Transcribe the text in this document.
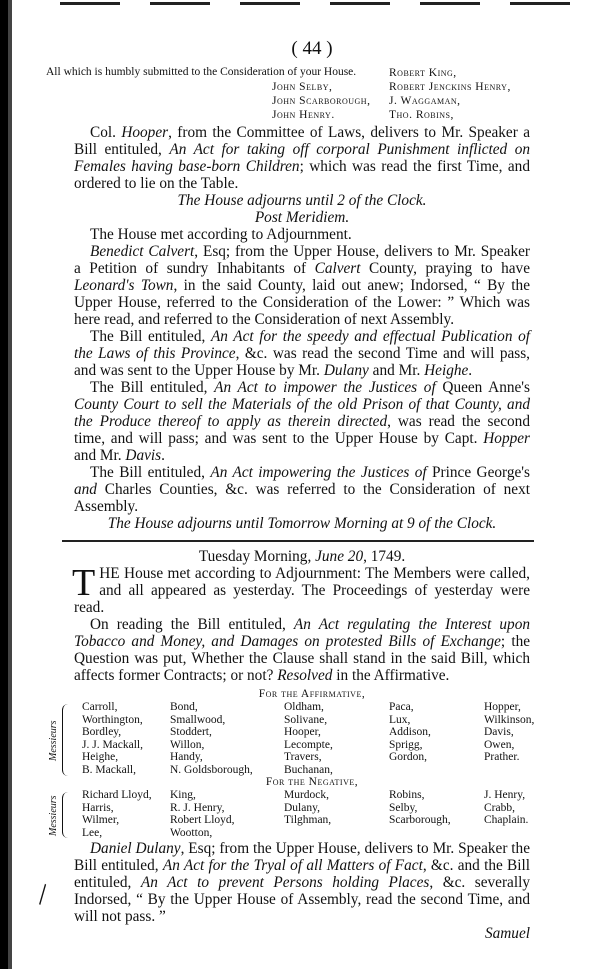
\
( 44 )
All which is humbly submitted to the Consideration of your House.
John Selby,
John Scarborough,
John Henry.
Robert King,
Robert Jenckins Henry,
J. Waggaman,
Tho. Robins,

Col. Hooper, from the Committee of Laws, delivers to Mr. Speaker a Bill entituled, An Act for taking off corporal Punishment inflicted on Females having base-born Children; which was read the first Time, and ordered to lie on the Table.

The House adjourns until 2 of the Clock.

Post Meridiem.

The House met according to Adjournment.

Benedict Calvert, Esq; from the Upper House, delivers to Mr. Speaker a Petition of sundry Inhabitants of Calvert County, praying to have Leonard's Town, in the said County, laid out anew; Indorsed, “ By the Upper House, referred to the Consideration of the Lower: ” Which was here read, and referred to the Consideration of next Assembly.

The Bill entituled, An Act for the speedy and effectual Publication of the Laws of this Province, &c. was read the second Time and will pass, and was sent to the Upper House by Mr. Dulany and Mr. Heighe.

The Bill entituled, An Act to impower the Justices of Queen Anne's County Court to sell the Materials of the old Prison of that County, and the Produce thereof to apply as therein directed, was read the second time, and will pass; and was sent to the Upper House by Capt. Hopper and Mr. Davis.

The Bill entituled, An Act impowering the Justices of Prince George's and Charles Counties, &c. was referred to the Consideration of next Assembly.

The House adjourns until Tomorrow Morning at 9 of the Clock.

Tuesday Morning, June 20, 1749.

THE House met according to Adjournment: The Members were called, and all appeared as yesterday. The Proceedings of yesterday were read.

On reading the Bill entituled, An Act regulating the Interest upon Tobacco and Money, and Damages on protested Bills of Exchange; the Question was put, Whether the Clause shall stand in the said Bill, which affects former Contracts; or not? Resolved in the Affirmative.

For the Affirmative,
For the Negative,
Carroll,
Worthington,
Bordley,
J. J. Mackall,
Heighe,
B. Mackall,
Bond,
Smallwood,
Stoddert,
Willon,
Handy,
N. Goldsborough,
Oldham,
Solivane,
Hooper,
Lecompte,
Travers,
Buchanan,
Paca,
Lux,
Addison,
Sprigg,
Gordon,
Hopper,
Wilkinson,
Davis,
Owen,
Prather.
Messieurs
Richard Lloyd,
Harris,
Wilmer,
Lee,
King,
R. J. Henry,
Robert Lloyd,
Wootton,
Murdock,
Dulany,
Tilghman,
Robins,
Selby,
Scarborough,
J. Henry,
Crabb,
Chaplain.
Messieurs

Daniel Dulany, Esq; from the Upper House, delivers to Mr. Speaker the Bill entituled, An Act for the Tryal of all Matters of Fact, &c. and the Bill entituled, An Act to prevent Persons holding Places, &c. severally Indorsed, “ By the Upper House of Assembly, read the second Time, and will not pass. ”

Samuel
